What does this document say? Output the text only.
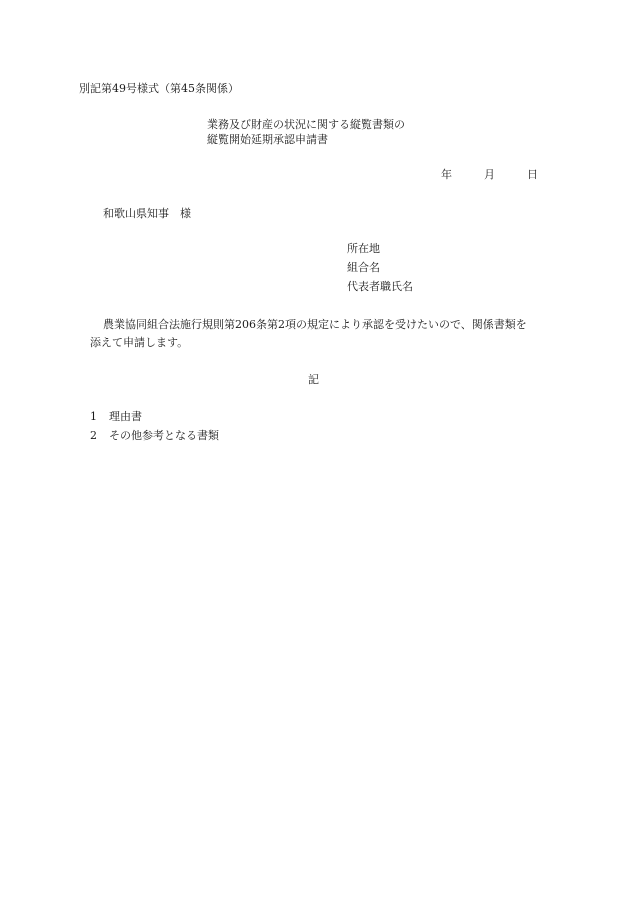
別記第49号様式（第45条関係）
業務及び財産の状況に関する縦覧書類の
縦覧開始延期承認申請書
年	月	日
和歌山県知事　様
所在地
組合名
代表者職氏名
農業協同組合法施行規則第206条第2項の規定により承認を受けたいので、関係書類を
添えて申請します。
記
1 理由書
2 その他参考となる書類
